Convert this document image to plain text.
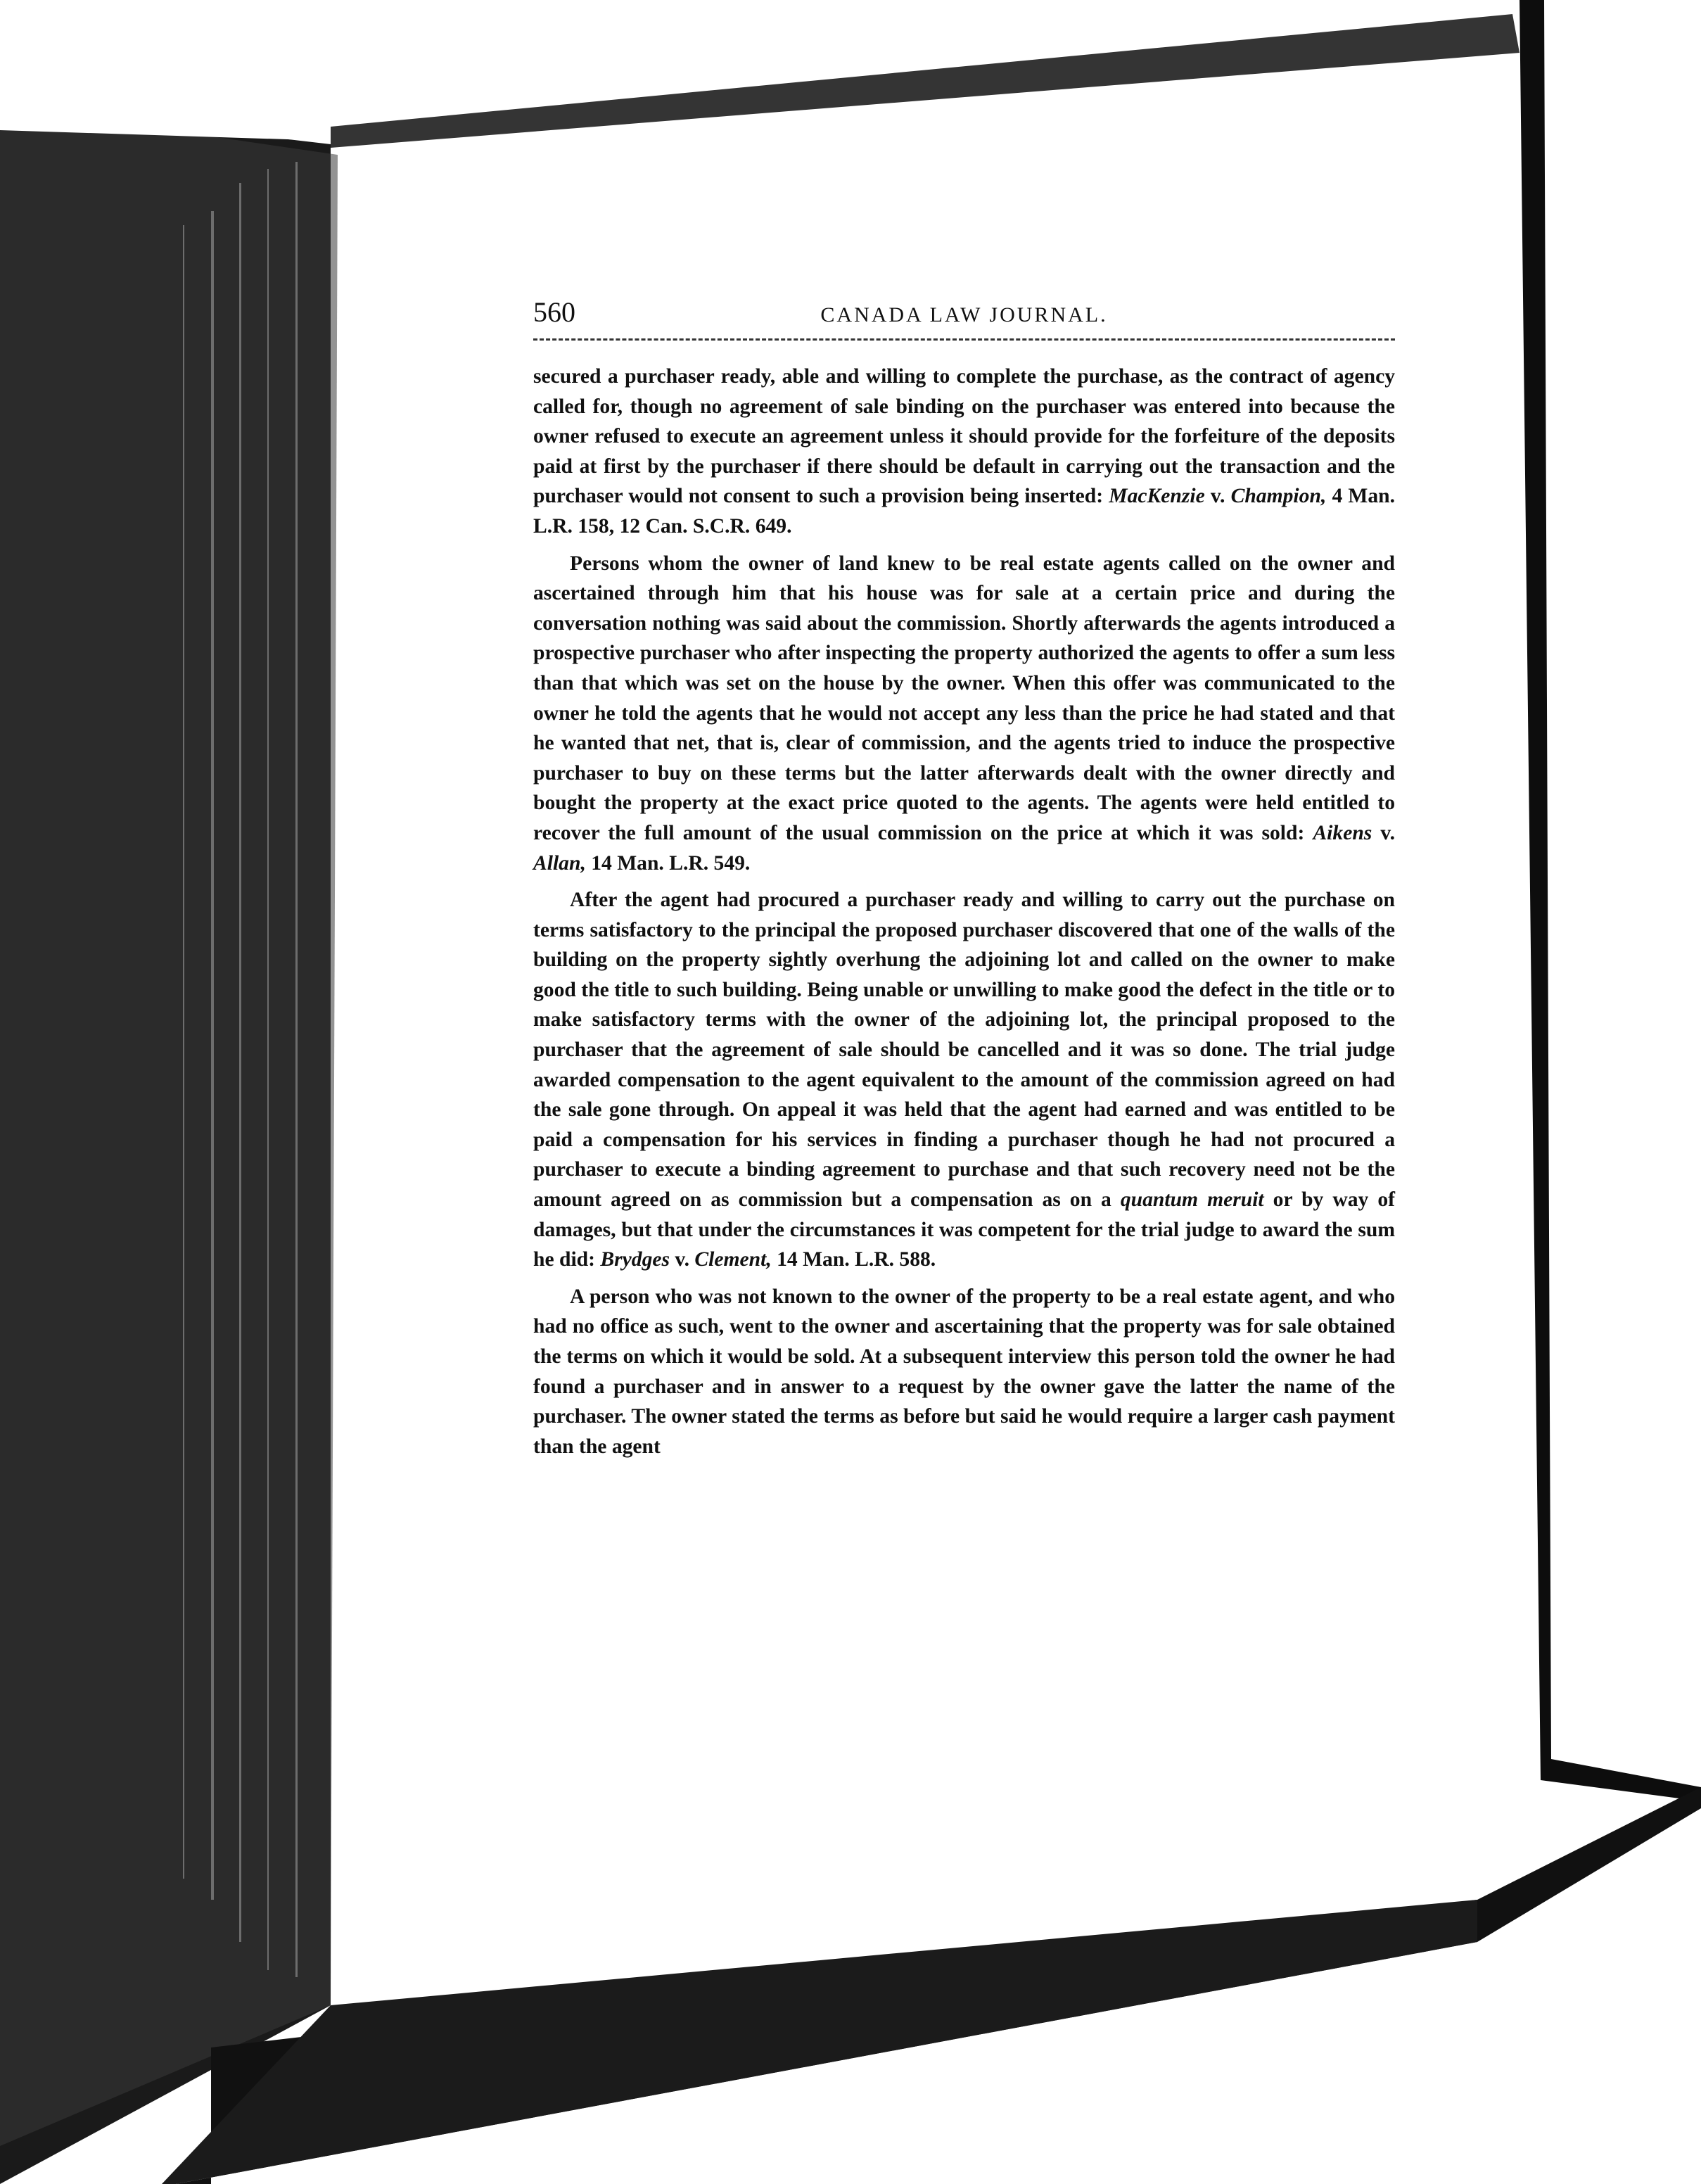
560	CANADA LAW JOURNAL.

secured a purchaser ready, able and willing to complete the purchase, as the contract of agency called for, though no agreement of sale binding on the purchaser was entered into because the owner refused to execute an agreement unless it should provide for the forfeiture of the deposits paid at first by the purchaser if there should be default in carrying out the transaction and the purchaser would not consent to such a provision being inserted: MacKenzie v. Champion, 4 Man. L.R. 158, 12 Can. S.C.R. 649.

Persons whom the owner of land knew to be real estate agents called on the owner and ascertained through him that his house was for sale at a certain price and during the conversation nothing was said about the commission. Shortly afterwards the agents introduced a prospective purchaser who after inspecting the property authorized the agents to offer a sum less than that which was set on the house by the owner. When this offer was communicated to the owner he told the agents that he would not accept any less than the price he had stated and that he wanted that net, that is, clear of commission, and the agents tried to induce the prospective purchaser to buy on these terms but the latter afterwards dealt with the owner directly and bought the property at the exact price quoted to the agents. The agents were held entitled to recover the full amount of the usual commission on the price at which it was sold: Aikens v. Allan, 14 Man. L.R. 549.

After the agent had procured a purchaser ready and willing to carry out the purchase on terms satisfactory to the principal the proposed purchaser discovered that one of the walls of the building on the property sightly overhung the adjoining lot and called on the owner to make good the title to such building. Being unable or unwilling to make good the defect in the title or to make satisfactory terms with the owner of the adjoining lot, the principal proposed to the purchaser that the agreement of sale should be cancelled and it was so done. The trial judge awarded compensation to the agent equivalent to the amount of the commission agreed on had the sale gone through. On appeal it was held that the agent had earned and was entitled to be paid a compensation for his services in finding a purchaser though he had not procured a purchaser to execute a binding agreement to purchase and that such recovery need not be the amount agreed on as commission but a compensation as on a quantum meruit or by way of damages, but that under the circumstances it was competent for the trial judge to award the sum he did: Brydges v. Clement, 14 Man. L.R. 588.

A person who was not known to the owner of the property to be a real estate agent, and who had no office as such, went to the owner and ascertaining that the property was for sale obtained the terms on which it would be sold. At a subsequent interview this person told the owner he had found a purchaser and in answer to a request by the owner gave the latter the name of the purchaser. The owner stated the terms as before but said he would require a larger cash payment than the agent
